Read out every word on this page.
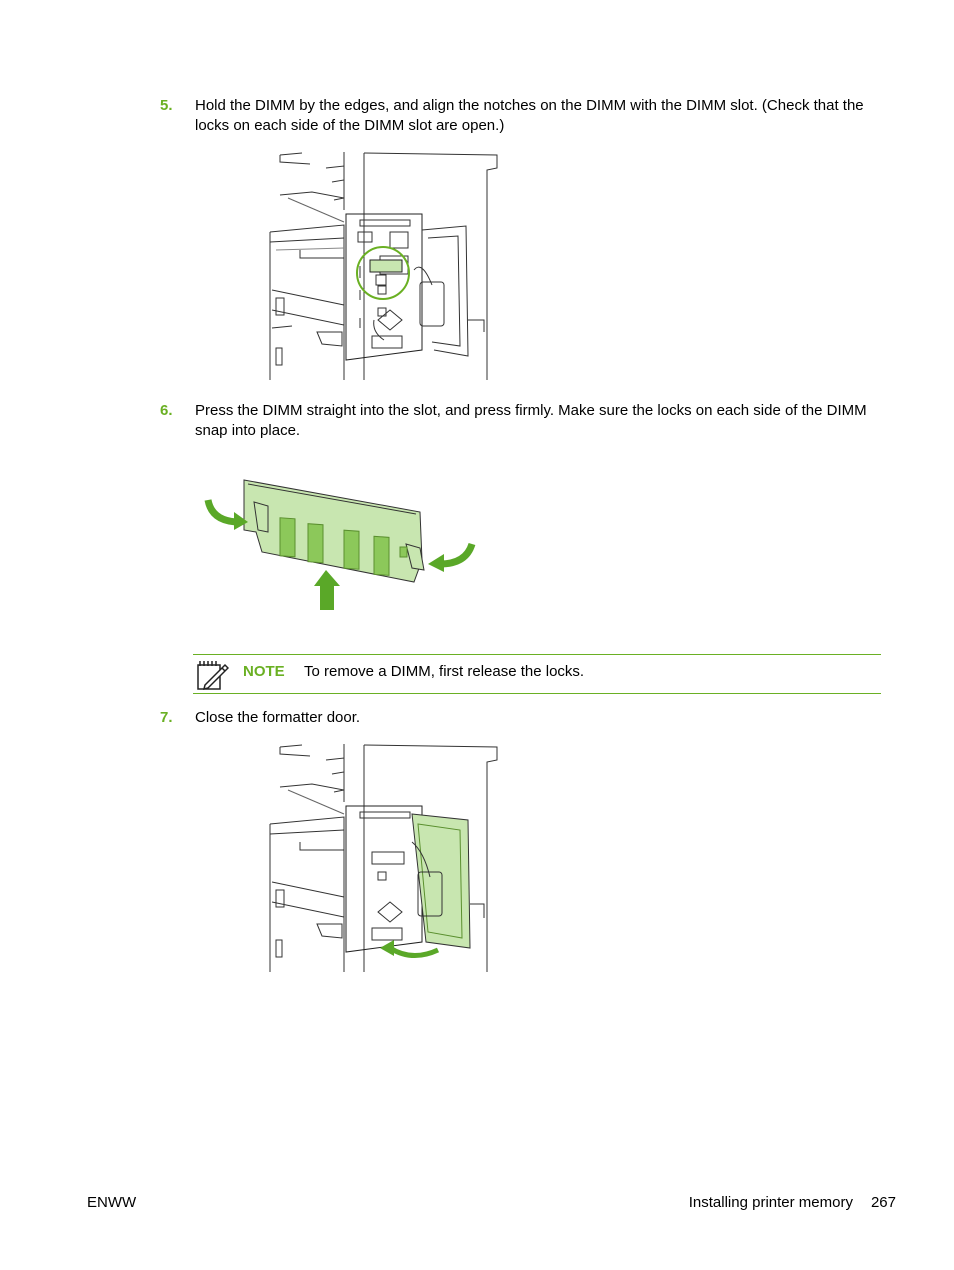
5. Hold the DIMM by the edges, and align the notches on the DIMM with the DIMM slot. (Check that the locks on each side of the DIMM slot are open.)
6. Press the DIMM straight into the slot, and press firmly. Make sure the locks on each side of the DIMM snap into place.
NOTE To remove a DIMM, first release the locks.
7. Close the formatter door.
ENWW	Installing printer memory 267
